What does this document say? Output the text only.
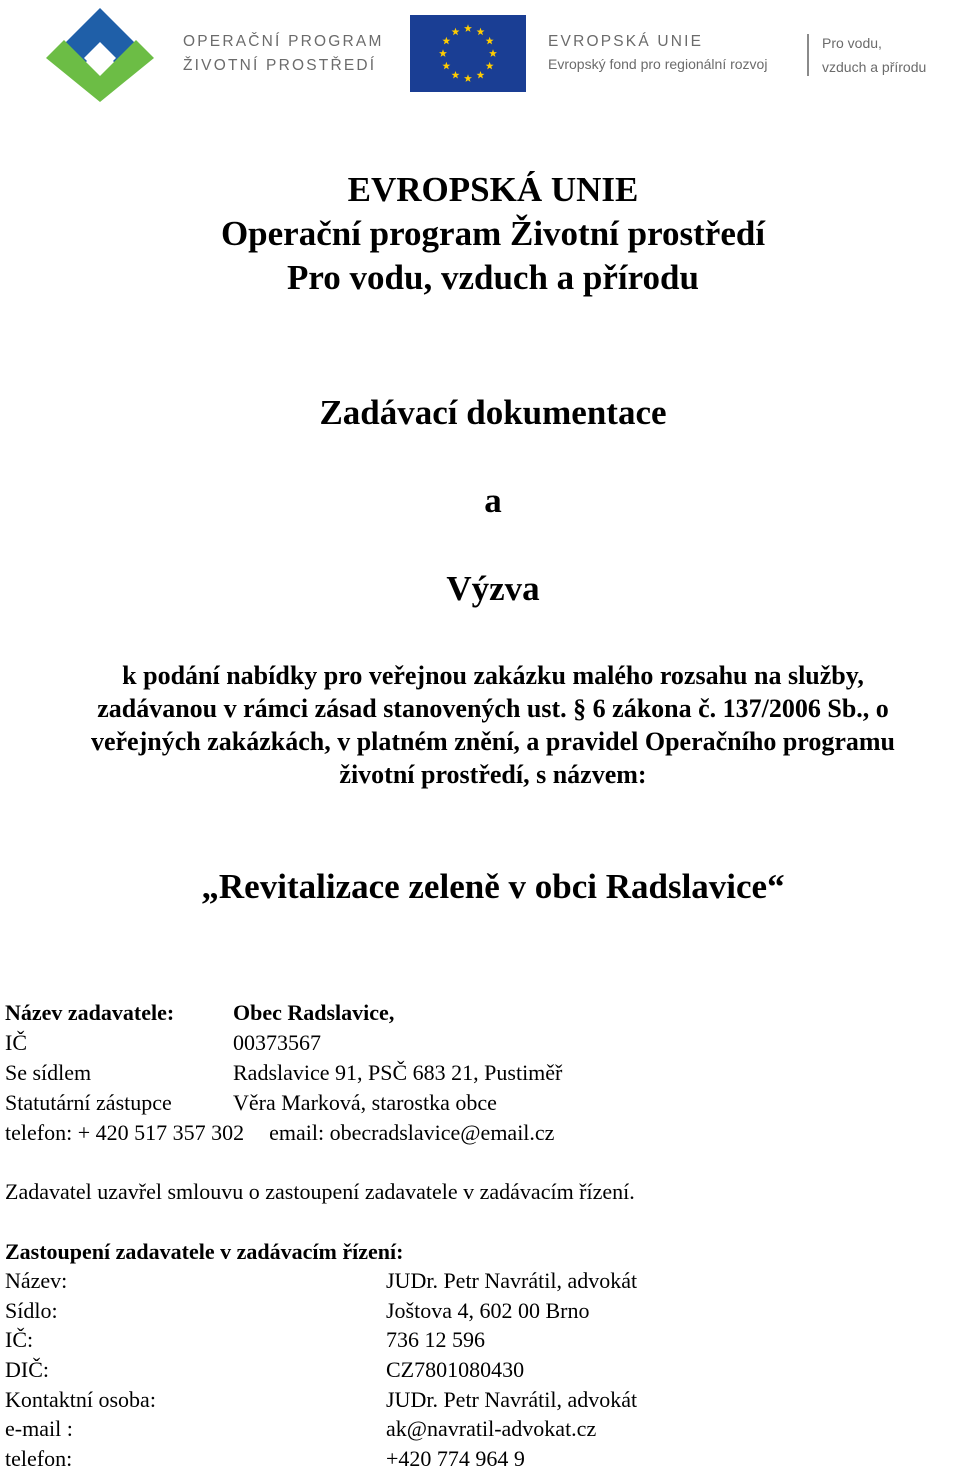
OPERAČNÍ PROGRAM
ŽIVOTNÍ PROSTŘEDÍ
EVROPSKÁ UNIE
Evropský fond pro regionální rozvoj
Pro vodu,
vzduch a přírodu
EVROPSKÁ UNIE
Operační program Životní prostředí
Pro vodu, vzduch a přírodu
Zadávací dokumentace
a
Výzva
k podání nabídky pro veřejnou zakázku malého rozsahu na služby,
zadávanou v rámci zásad stanovených ust. § 6 zákona č. 137/2006 Sb., o
veřejných zakázkách, v platném znění, a pravidel Operačního programu
životní prostředí, s názvem:
„Revitalizace zeleně v obci Radslavice“
Název zadavatele:	Obec Radslavice,
IČ	00373567
Se sídlem	Radslavice 91, PSČ 683 21, Pustiměř
Statutární zástupce	Věra Marková, starostka obce
telefon: + 420 517 357 302 email: obecradslavice@email.cz
Zadavatel uzavřel smlouvu o zastoupení zadavatele v zadávacím řízení.
Zastoupení zadavatele v zadávacím řízení:
Název:	JUDr. Petr Navrátil, advokát
Sídlo:	Joštova 4, 602 00 Brno
IČ:	736 12 596
DIČ:	CZ7801080430
Kontaktní osoba:	JUDr. Petr Navrátil, advokát
e-mail :	ak@navratil-advokat.cz
telefon:	+420 774 964 9
